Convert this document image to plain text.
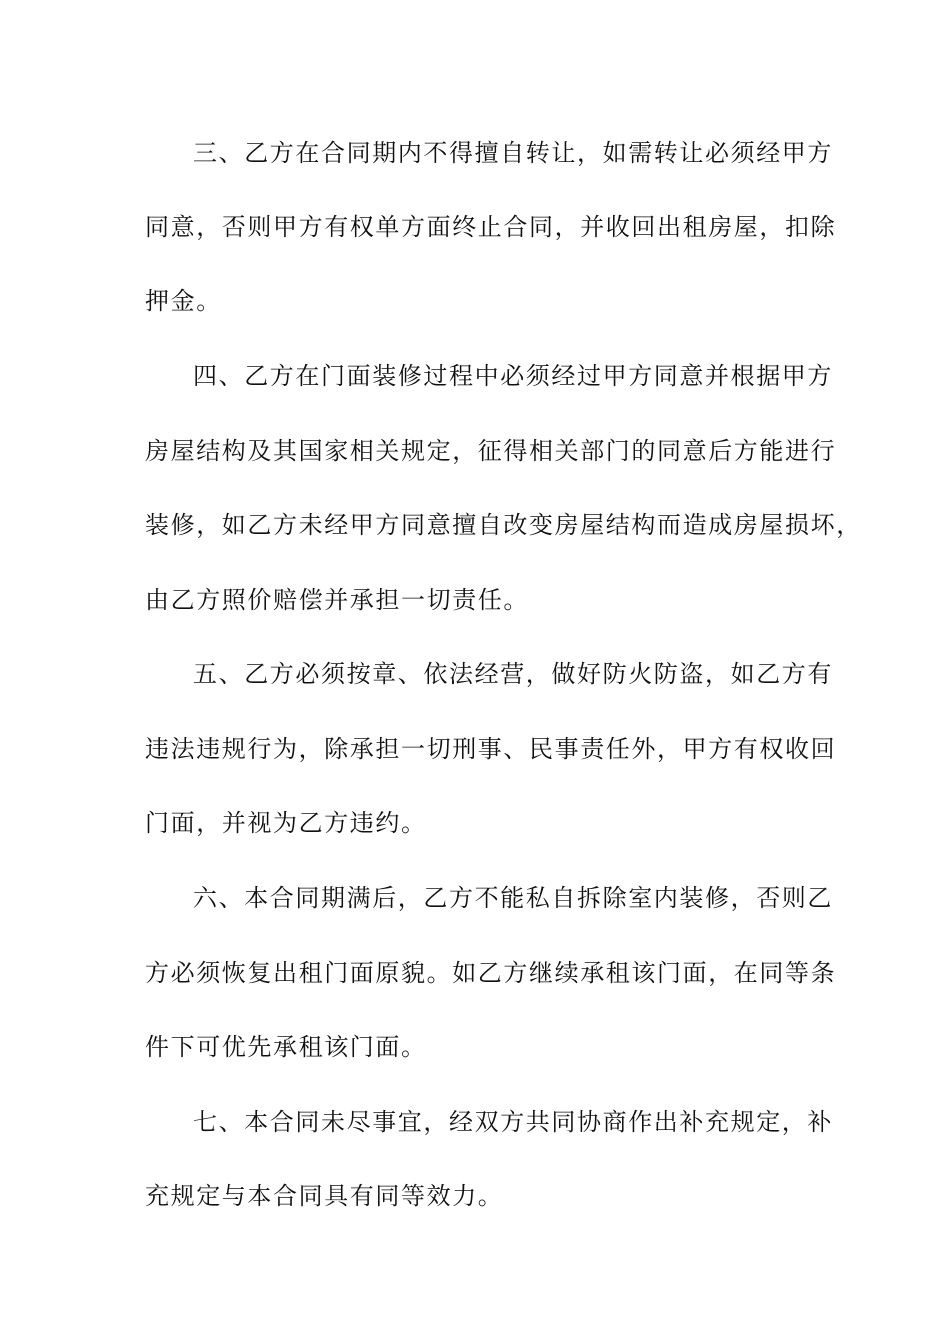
三、乙方在合同期内不得擅自转让，如需转让必须经甲方
同意，否则甲方有权单方面终止合同，并收回出租房屋，扣除
押金。
四、乙方在门面装修过程中必须经过甲方同意并根据甲方
房屋结构及其国家相关规定，征得相关部门的同意后方能进行
装修，如乙方未经甲方同意擅自改变房屋结构而造成房屋损坏，
由乙方照价赔偿并承担一切责任。
五、乙方必须按章、依法经营，做好防火防盗，如乙方有
违法违规行为，除承担一切刑事、民事责任外，甲方有权收回
门面，并视为乙方违约。
六、本合同期满后，乙方不能私自拆除室内装修，否则乙
方必须恢复出租门面原貌。如乙方继续承租该门面，在同等条
件下可优先承租该门面。
七、本合同未尽事宜，经双方共同协商作出补充规定，补
充规定与本合同具有同等效力。
